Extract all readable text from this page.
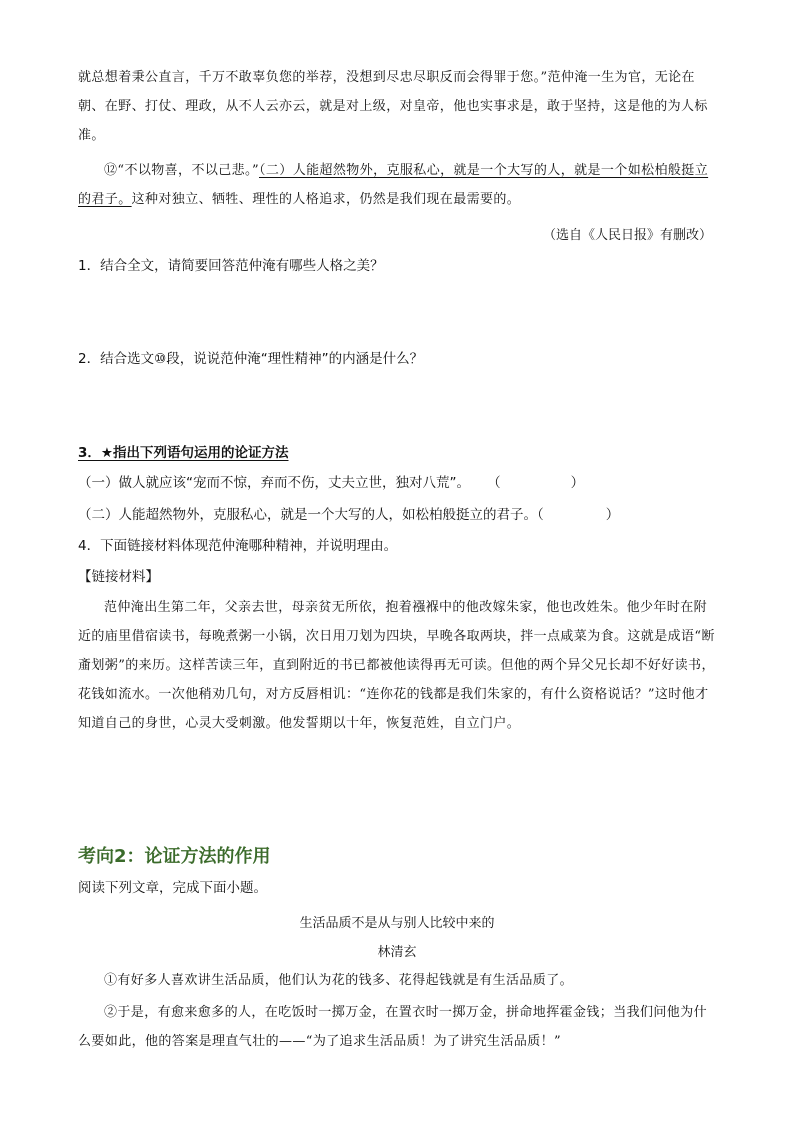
就总想着秉公直言，千万不敢辜负您的举荐，没想到尽忠尽职反而会得罪于您。”范仲淹一生为官，无论在朝、在野、打仗、理政，从不人云亦云，就是对上级，对皇帝，他也实事求是，敢于坚持，这是他的为人标准。
⑫“不以物喜，不以己悲。”（二）人能超然物外，克服私心，就是一个大写的人，就是一个如松柏般挺立的君子。这种对独立、牺牲、理性的人格追求，仍然是我们现在最需要的。
（选自《人民日报》有删改）
1．结合全文，请简要回答范仲淹有哪些人格之美？
2．结合选文⑩段，说说范仲淹“理性精神”的内涵是什么？
3．★指出下列语句运用的论证方法
（一）做人就应该“宠而不惊，弃而不伤，丈夫立世，独对八荒”。 （	）
（二）人能超然物外，克服私心，就是一个大写的人，如松柏般挺立的君子。（	）
4．下面链接材料体现范仲淹哪种精神，并说明理由。
【链接材料】
范仲淹出生第二年，父亲去世，母亲贫无所依，抱着襁褓中的他改嫁朱家，他也改姓朱。他少年时在附近的庙里借宿读书，每晚煮粥一小锅，次日用刀划为四块，早晚各取两块，拌一点咸菜为食。这就是成语“断齑划粥”的来历。这样苦读三年，直到附近的书已都被他读得再无可读。但他的两个异父兄长却不好好读书，花钱如流水。一次他稍劝几句，对方反唇相讥：“连你花的钱都是我们朱家的，有什么资格说话？”这时他才知道自己的身世，心灵大受刺激。他发誓期以十年，恢复范姓，自立门户。
考向2：论证方法的作用
阅读下列文章，完成下面小题。
生活品质不是从与别人比较中来的
林清玄
①有好多人喜欢讲生活品质，他们认为花的钱多、花得起钱就是有生活品质了。
②于是，有愈来愈多的人，在吃饭时一掷万金，在置衣时一掷万金，拼命地挥霍金钱；当我们问他为什么要如此，他的答案是理直气壮的——“为了追求生活品质！为了讲究生活品质！”
